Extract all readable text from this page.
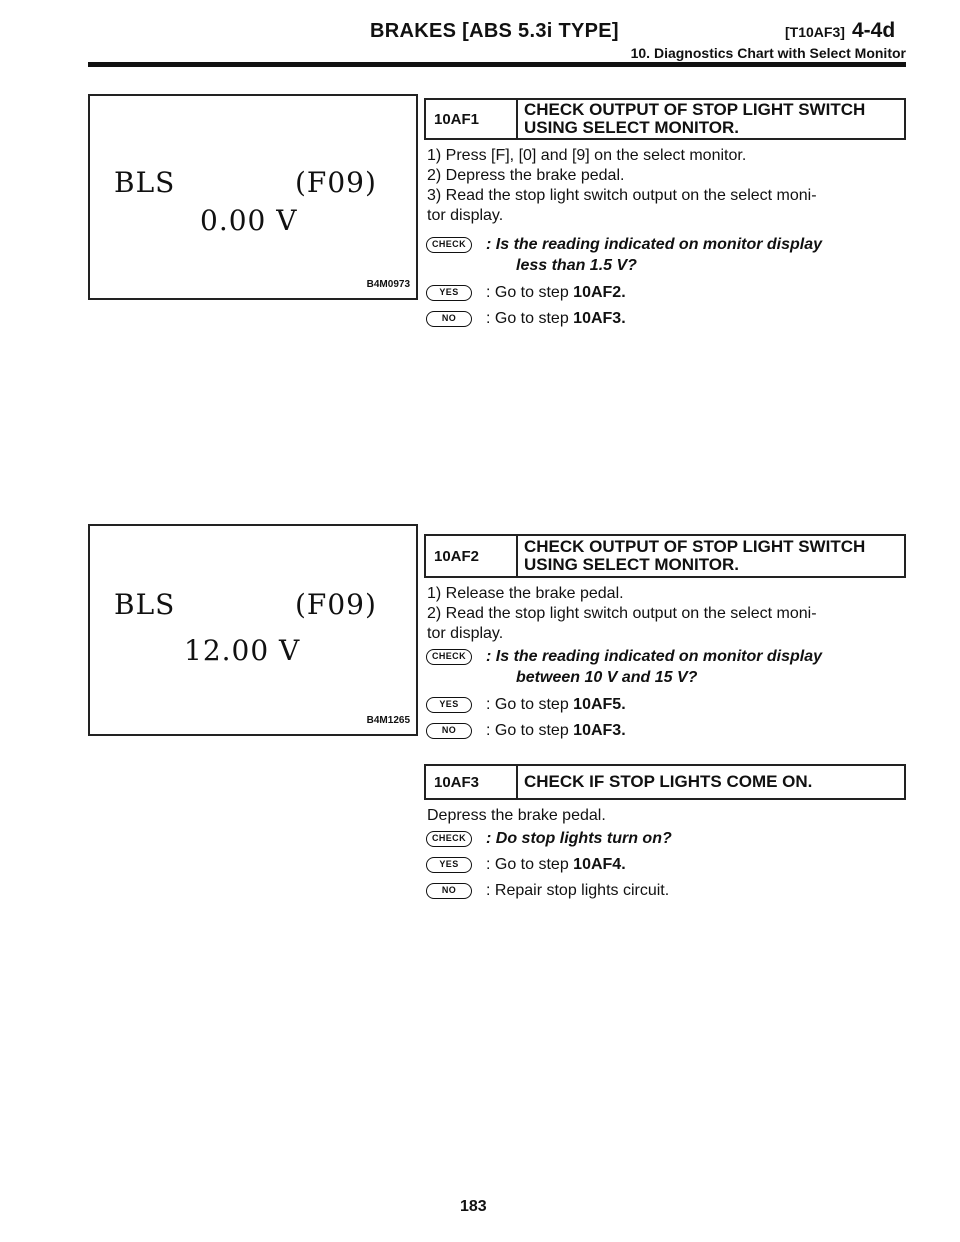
BRAKES [ABS 5.3i TYPE]	[T10AF3] 4-4d
10. Diagnostics Chart with Select Monitor
BLS	(F09)
0.00 V
B4M0973
BLS	(F09)
12.00 V
B4M1265
10AF1	CHECK OUTPUT OF STOP LIGHT SWITCH
USING SELECT MONITOR.
1) Press [F], [0] and [9] on the select monitor.
2) Depress the brake pedal.
3) Read the stop light switch output on the select moni-
tor display.
CHECK	: Is the reading indicated on monitor display
less than 1.5 V?
YES	: Go to step
10AF2.
NO	: Go to step
10AF3.
10AF2	CHECK OUTPUT OF STOP LIGHT SWITCH
USING SELECT MONITOR.
1) Release the brake pedal.
2) Read the stop light switch output on the select moni-
tor display.
CHECK	: Is the reading indicated on monitor display
between 10 V and 15 V?
YES	: Go to step
10AF5.
NO	: Go to step
10AF3.
10AF3	CHECK IF STOP LIGHTS COME ON.
Depress the brake pedal.
CHECK	: Do stop lights turn on?
YES	: Go to step
10AF4.
NO	: Repair stop lights circuit.
183
